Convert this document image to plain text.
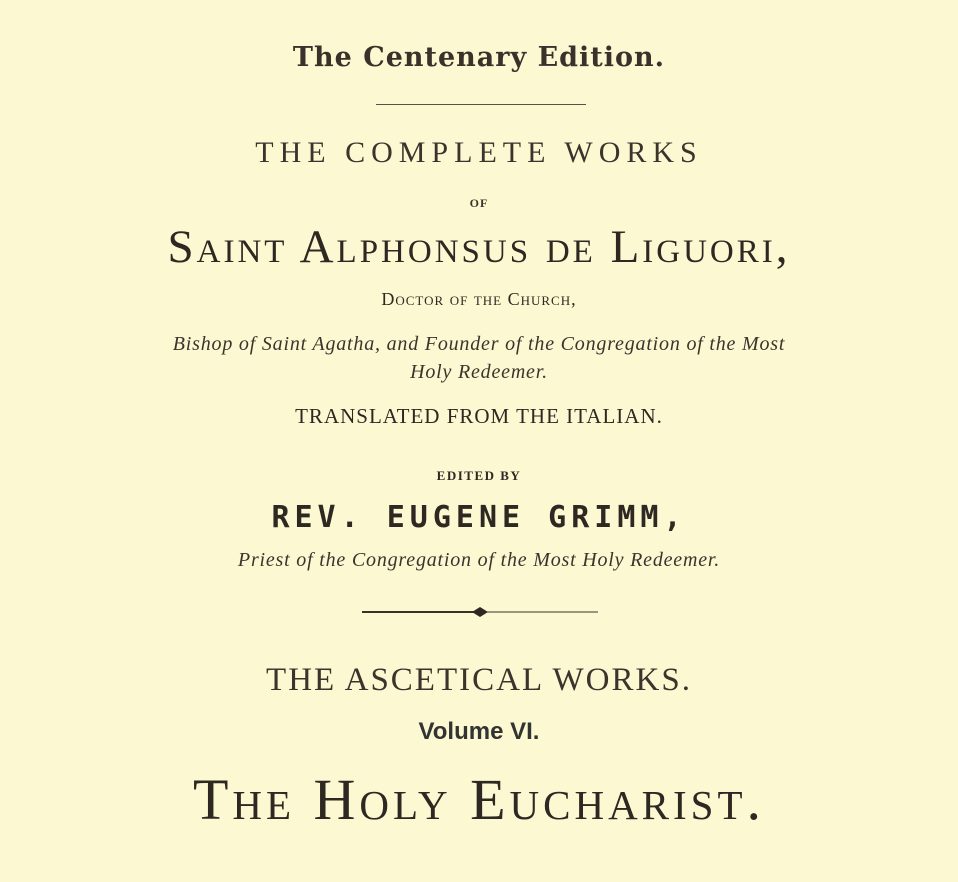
The Centenary Edition.
THE COMPLETE WORKS
OF
Saint Alphonsus de Liguori,
Doctor of the Church,
Bishop of Saint Agatha, and Founder of the Congregation of the Most
Holy Redeemer.
TRANSLATED FROM THE ITALIAN.
EDITED BY
REV. EUGENE GRIMM,
Priest of the Congregation of the Most Holy Redeemer.
THE ASCETICAL WORKS.
Volume VI.
The Holy Eucharist.
